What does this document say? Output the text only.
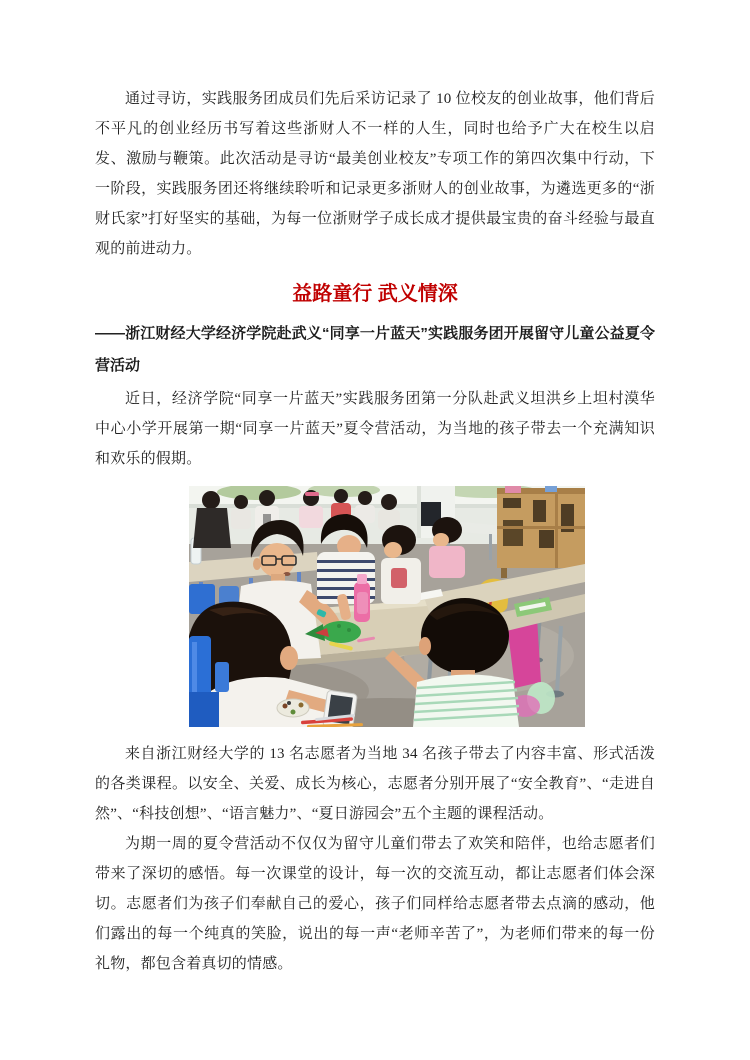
通过寻访，实践服务团成员们先后采访记录了 10 位校友的创业故事，他们背后不平凡的创业经历书写着这些浙财人不一样的人生，同时也给予广大在校生以启发、激励与鞭策。此次活动是寻访“最美创业校友”专项工作的第四次集中行动，下一阶段，实践服务团还将继续聆听和记录更多浙财人的创业故事，为遴选更多的“浙财氏家”打好坚实的基础，为每一位浙财学子成长成才提供最宝贵的奋斗经验与最直观的前进动力。

益路童行 武义情深

——浙江财经大学经济学院赴武义“同享一片蓝天”实践服务团开展留守儿童公益夏令营活动

近日，经济学院“同享一片蓝天”实践服务团第一分队赴武义坦洪乡上坦村漠华中心小学开展第一期“同享一片蓝天”夏令营活动，为当地的孩子带去一个充满知识和欢乐的假期。

来自浙江财经大学的 13 名志愿者为当地 34 名孩子带去了内容丰富、形式活泼的各类课程。以安全、关爱、成长为核心，志愿者分别开展了“安全教育”、“走进自然”、“科技创想”、“语言魅力”、“夏日游园会”五个主题的课程活动。

为期一周的夏令营活动不仅仅为留守儿童们带去了欢笑和陪伴，也给志愿者们带来了深切的感悟。每一次课堂的设计，每一次的交流互动，都让志愿者们体会深切。志愿者们为孩子们奉献自己的爱心，孩子们同样给志愿者带去点滴的感动，他们露出的每一个纯真的笑脸，说出的每一声“老师辛苦了”，为老师们带来的每一份礼物，都包含着真切的情感。
